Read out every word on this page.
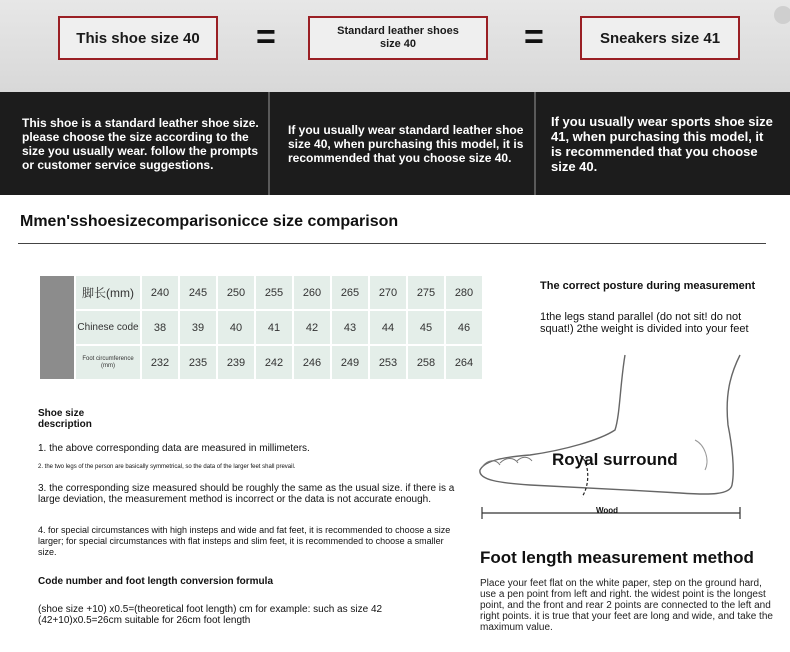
This shoe size 40 =	Standard leather shoes
size 40	=	Sneakers size 41
This shoe is a standard leather shoe size. please choose the size according to the size you usually wear. follow the prompts or customer service suggestions.
If you usually wear standard leather shoe size 40, when purchasing this model, it is recommended that you choose size 40.
If you usually wear sports shoe size 41, when purchasing this model, it is recommended that you choose size 40.
Mmen'sshoesizecomparisonicce size comparison
	脚长(mm)	240	245	250	255	260	265	270	275	280
	Chinese code	38	39	40	41	42	43	44	45	46
	Foot circumference (mm)	232	235	239	242	246	249	253	258	264
Shoe size
description
1. the above corresponding data are measured in millimeters.
2. the two legs of the person are basically symmetrical, so the data of the larger feet shall prevail.
3. the corresponding size measured should be roughly the same as the usual size. if there is a large deviation, the measurement method is incorrect or the data is not accurate enough.
4. for special circumstances with high insteps and wide and fat feet, it is recommended to choose a size larger; for special circumstances with flat insteps and slim feet, it is recommended to choose a smaller size.
Code number and foot length conversion formula
(shoe size +10) x0.5=(theoretical foot length) cm for example: such as size 42 (42+10)x0.5=26cm suitable for 26cm foot length
The correct posture during measurement
1the legs stand parallel (do not sit! do not squat!) 2the weight is divided into your feet
Wood
Royal surround
Foot length measurement method
Place your feet flat on the white paper, step on the ground hard, use a pen point from left and right. the widest point is the longest point, and the front and rear 2 points are connected to the left and right points. it is true that your feet are long and wide, and take the maximum value.
